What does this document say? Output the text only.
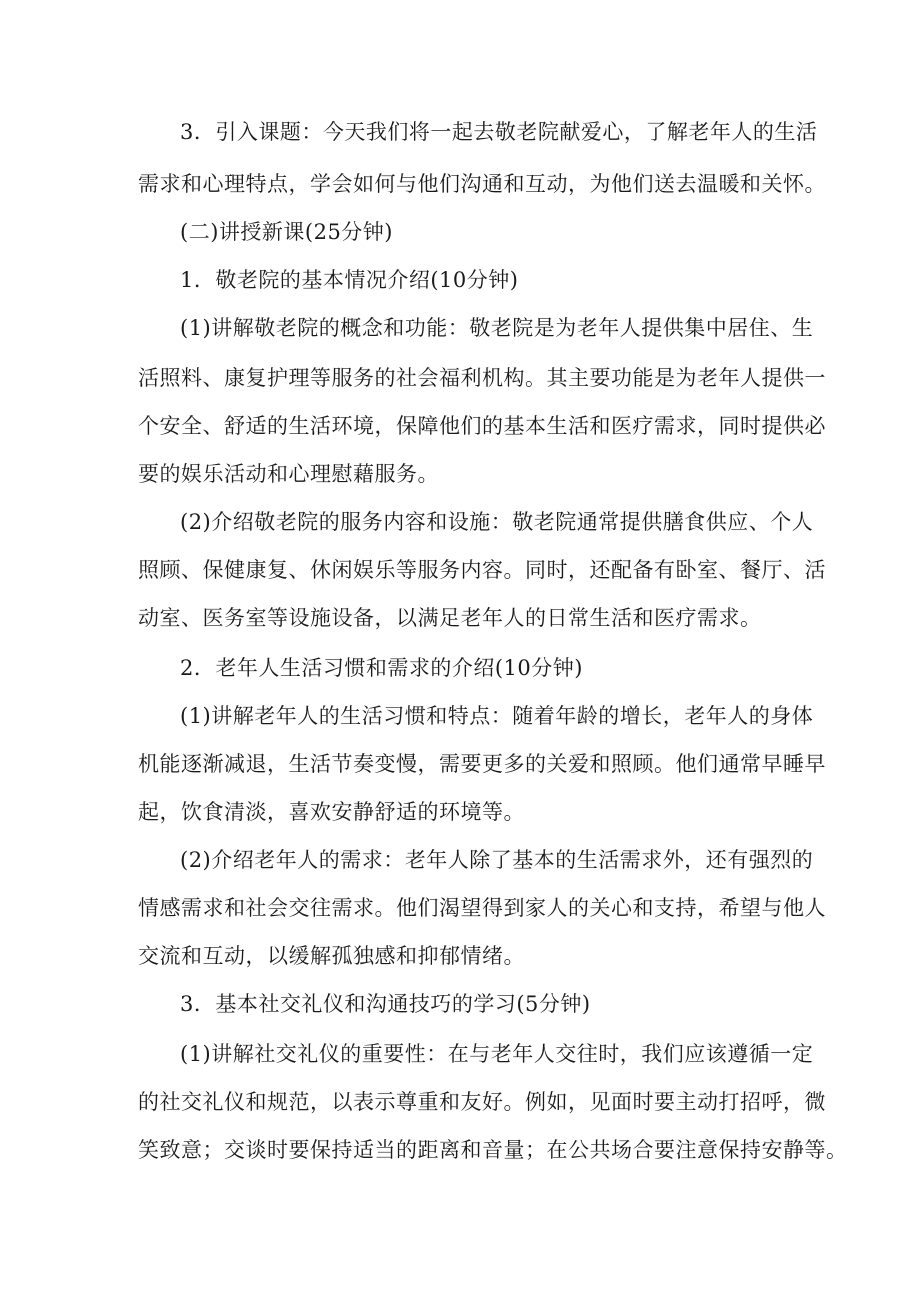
3．引入课题：今天我们将一起去敬老院献爱心，了解老年人的生活
需求和心理特点，学会如何与他们沟通和互动，为他们送去温暖和关怀。
(二)讲授新课(25分钟)
1．敬老院的基本情况介绍(10分钟)
(1)讲解敬老院的概念和功能：敬老院是为老年人提供集中居住、生
活照料、康复护理等服务的社会福利机构。其主要功能是为老年人提供一
个安全、舒适的生活环境，保障他们的基本生活和医疗需求，同时提供必
要的娱乐活动和心理慰藉服务。
(2)介绍敬老院的服务内容和设施：敬老院通常提供膳食供应、个人
照顾、保健康复、休闲娱乐等服务内容。同时，还配备有卧室、餐厅、活
动室、医务室等设施设备，以满足老年人的日常生活和医疗需求。
2．老年人生活习惯和需求的介绍(10分钟)
(1)讲解老年人的生活习惯和特点：随着年龄的增长，老年人的身体
机能逐渐减退，生活节奏变慢，需要更多的关爱和照顾。他们通常早睡早
起，饮食清淡，喜欢安静舒适的环境等。
(2)介绍老年人的需求：老年人除了基本的生活需求外，还有强烈的
情感需求和社会交往需求。他们渴望得到家人的关心和支持，希望与他人
交流和互动，以缓解孤独感和抑郁情绪。
3．基本社交礼仪和沟通技巧的学习(5分钟)
(1)讲解社交礼仪的重要性：在与老年人交往时，我们应该遵循一定
的社交礼仪和规范，以表示尊重和友好。例如，见面时要主动打招呼，微
笑致意；交谈时要保持适当的距离和音量；在公共场合要注意保持安静等。
